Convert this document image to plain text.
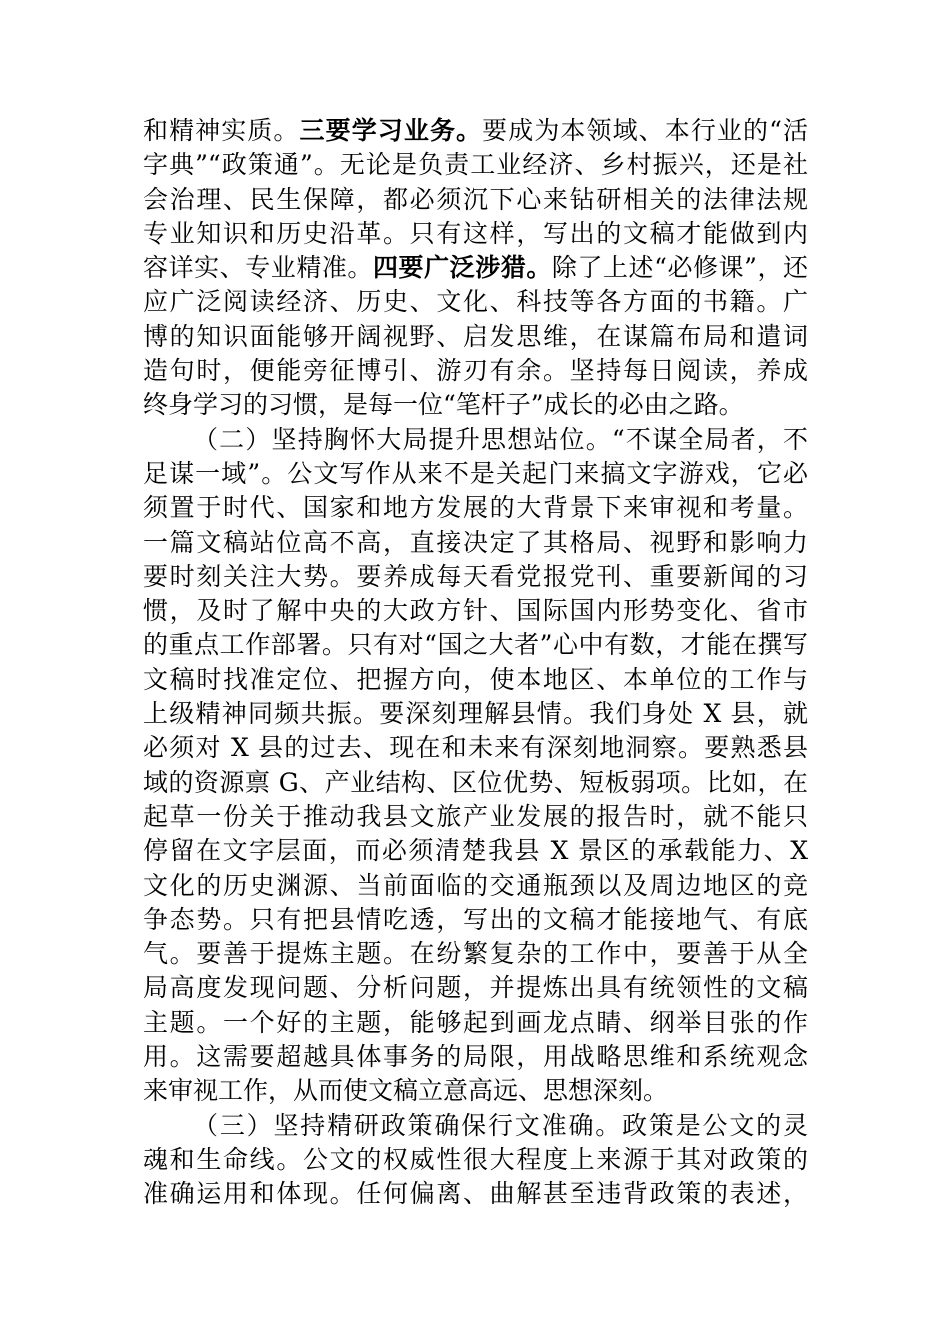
和精神实质。三要学习业务。要成为本领域、本行业的“活
字典”“政策通”。无论是负责工业经济、乡村振兴，还是社
会治理、民生保障，都必须沉下心来钻研相关的法律法规
专业知识和历史沿革。只有这样，写出的文稿才能做到内
容详实、专业精准。四要广泛涉猎。除了上述“必修课”，还
应广泛阅读经济、历史、文化、科技等各方面的书籍。广
博的知识面能够开阔视野、启发思维，在谋篇布局和遣词
造句时，便能旁征博引、游刃有余。坚持每日阅读，养成
终身学习的习惯，是每一位“笔杆子”成长的必由之路。
（二）坚持胸怀大局提升思想站位。“不谋全局者，不
足谋一域”。公文写作从来不是关起门来搞文字游戏，它必
须置于时代、国家和地方发展的大背景下来审视和考量。
一篇文稿站位高不高，直接决定了其格局、视野和影响力
要时刻关注大势。要养成每天看党报党刊、重要新闻的习
惯，及时了解中央的大政方针、国际国内形势变化、省市
的重点工作部署。只有对“国之大者”心中有数，才能在撰写
文稿时找准定位、把握方向，使本地区、本单位的工作与
上级精神同频共振。要深刻理解县情。我们身处 X 县，就
必须对 X 县的过去、现在和未来有深刻地洞察。要熟悉县
域的资源禀 G、产业结构、区位优势、短板弱项。比如，在
起草一份关于推动我县文旅产业发展的报告时，就不能只
停留在文字层面，而必须清楚我县 X 景区的承载能力、X
文化的历史渊源、当前面临的交通瓶颈以及周边地区的竞
争态势。只有把县情吃透，写出的文稿才能接地气、有底
气。要善于提炼主题。在纷繁复杂的工作中，要善于从全
局高度发现问题、分析问题，并提炼出具有统领性的文稿
主题。一个好的主题，能够起到画龙点睛、纲举目张的作
用。这需要超越具体事务的局限，用战略思维和系统观念
来审视工作，从而使文稿立意高远、思想深刻。
（三）坚持精研政策确保行文准确。政策是公文的灵
魂和生命线。公文的权威性很大程度上来源于其对政策的
准确运用和体现。任何偏离、曲解甚至违背政策的表述，
